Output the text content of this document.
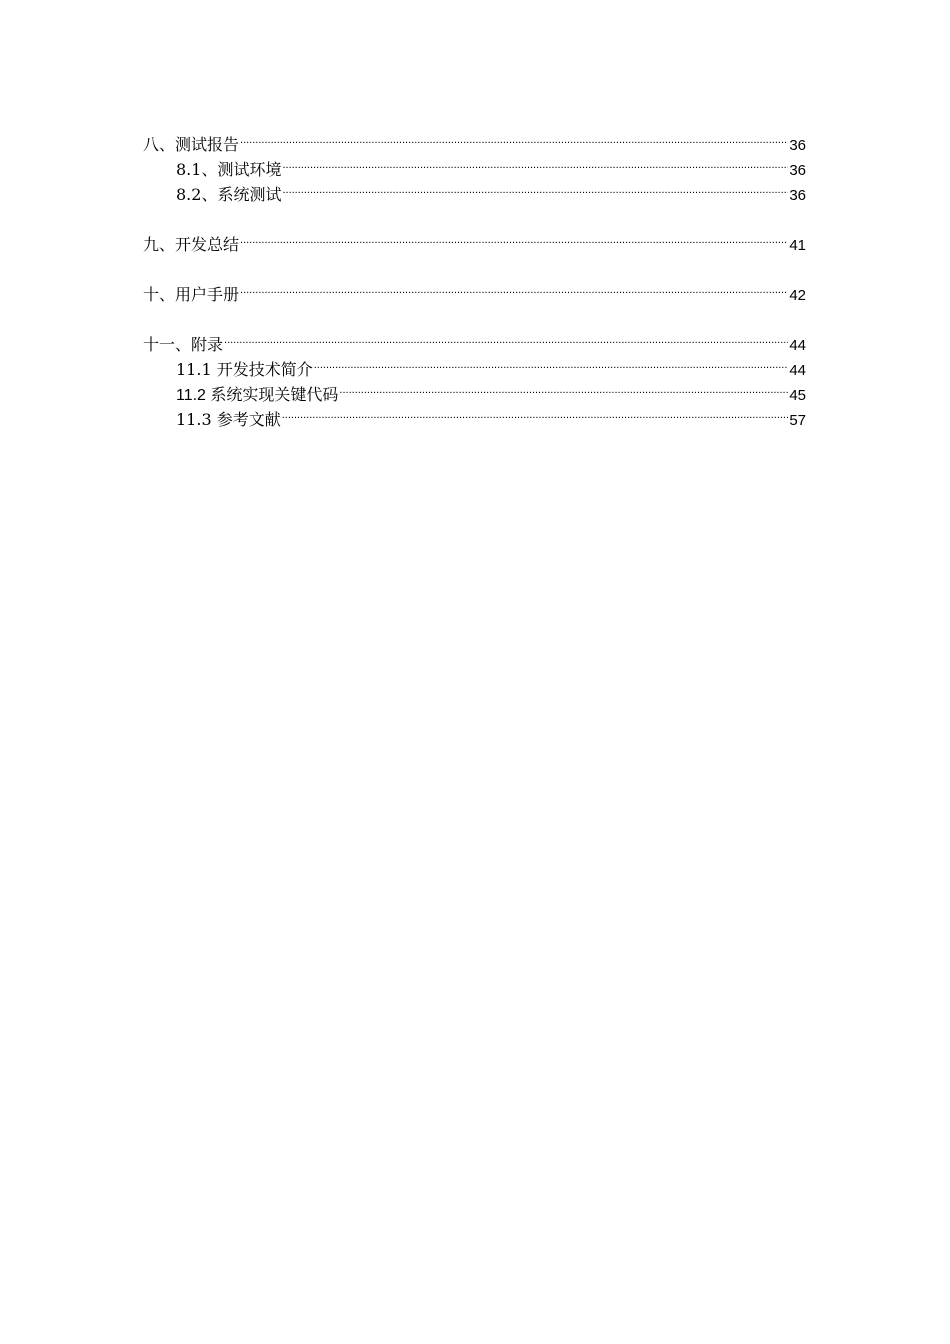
八、测试报告 .....	36
8.1、测试环境 .....	36
8.2、系统测试 .....	36
九、开发总结 .....	41
十、用户手册 .....	42
十一、附录 .....	44
11.1 开发技术简介 .....	44
11.2 系统实现关键代码 .....	45
11.3 参考文献 .....	57
